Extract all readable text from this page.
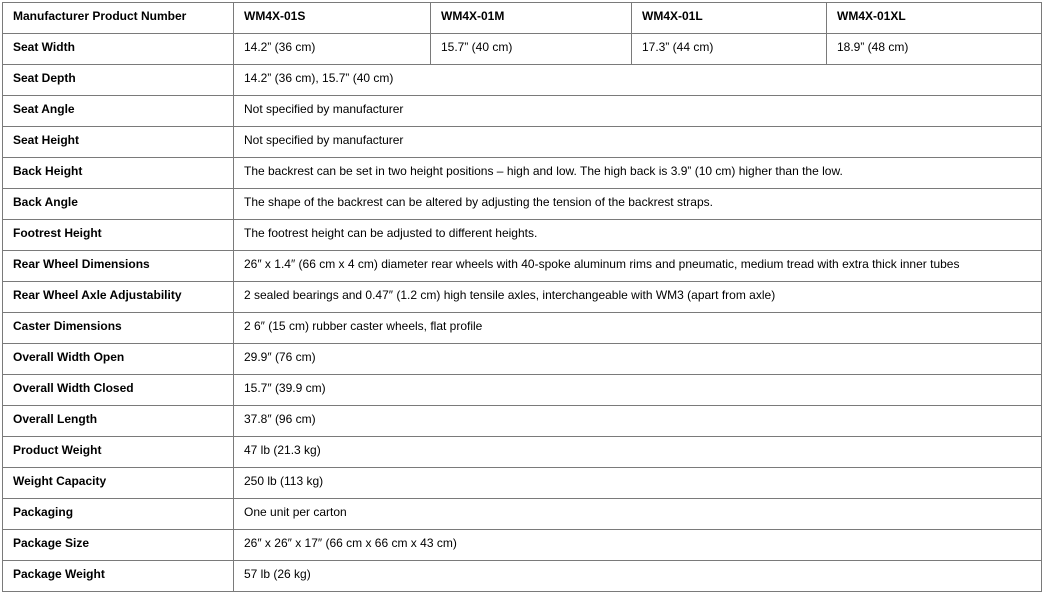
Manufacturer Product Number	WM4X-01S	WM4X-01M	WM4X-01L	WM4X-01XL
Seat Width	14.2” (36 cm)	15.7” (40 cm)	17.3” (44 cm)	18.9” (48 cm)
Seat Depth	14.2” (36 cm), 15.7” (40 cm)			
Seat Angle	Not specified by manufacturer			
Seat Height	Not specified by manufacturer			
Back Height	The backrest can be set in two height positions – high and low. The high back is 3.9” (10 cm) higher than the low.			
Back Angle	The shape of the backrest can be altered by adjusting the tension of the backrest straps.			
Footrest Height	The footrest height can be adjusted to different heights.			
Rear Wheel Dimensions	26″ x 1.4″ (66 cm x 4 cm) diameter rear wheels with 40-spoke aluminum rims and pneumatic, medium tread with extra thick inner tubes			
Rear Wheel Axle Adjustability	2 sealed bearings and 0.47″ (1.2 cm) high tensile axles, interchangeable with WM3 (apart from axle)			
Caster Dimensions	2 6″ (15 cm) rubber caster wheels, flat profile			
Overall Width Open	29.9″ (76 cm)			
Overall Width Closed	15.7″ (39.9 cm)			
Overall Length	37.8″ (96 cm)			
Product Weight	47 lb (21.3 kg)			
Weight Capacity	250 lb (113 kg)			
Packaging	One unit per carton			
Package Size	26″ x 26″ x 17″ (66 cm x 66 cm x 43 cm)			
Package Weight	57 lb (26 kg)			
